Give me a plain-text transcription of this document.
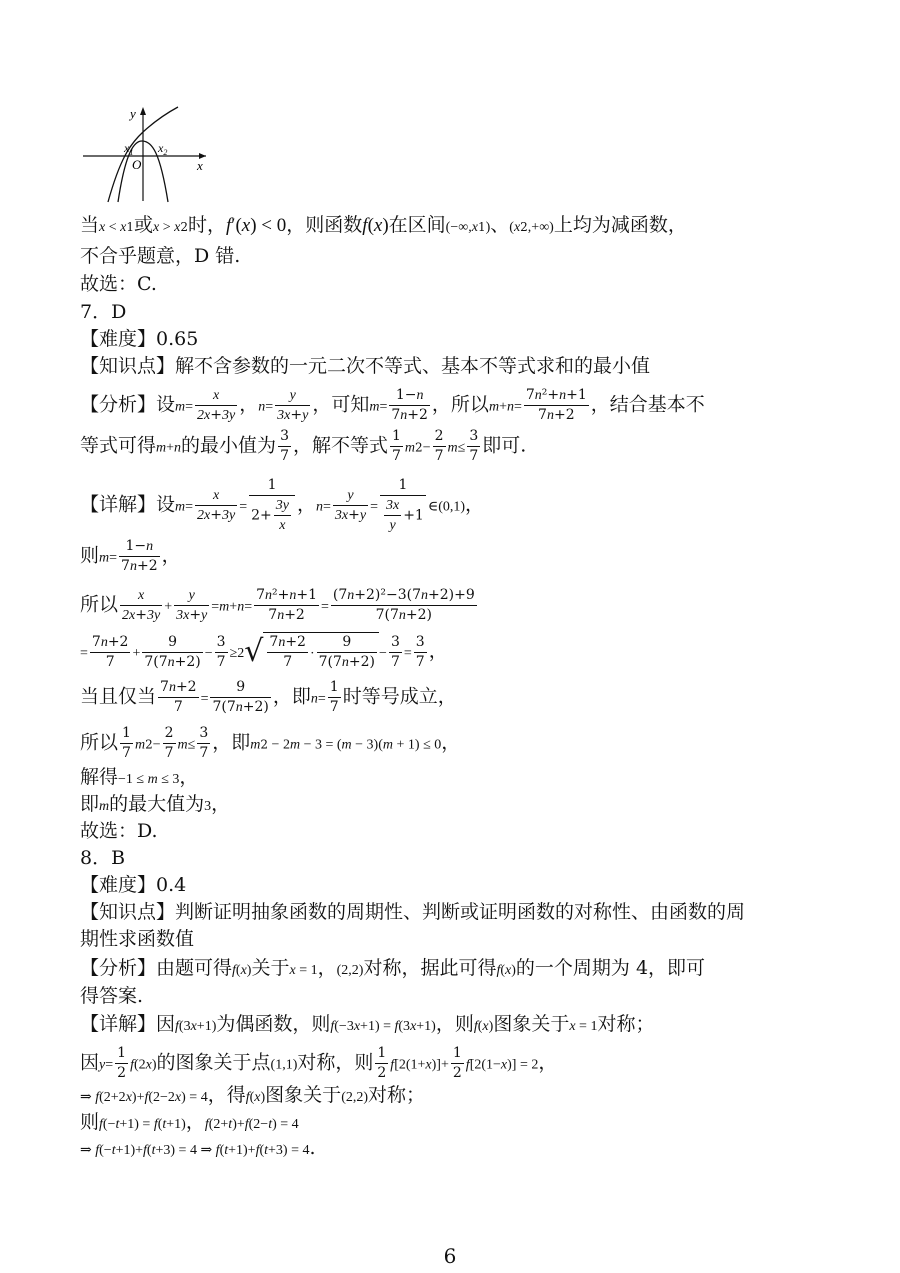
y
x
O
$x_1$ $x_2$
当x < x1或x > x2时，f′(x) < 0，则函数f(x)在区间(−∞,x1)、(x2,+∞)上均为减函数，
不合乎题意，D 错.
故选：C.
7．D
【难度】0.65
【知识点】解不含参数的一元二次不等式、基本不等式求和的最小值
【分析】设$m= \frac{x}{2x+3y}$ ，$n= \frac{y}{3x+y}$ ，可知$m= \frac{1-n}{7n+2}$ ，所以$m+n= \frac{\text{7n²+n+1}}{7n+2}$ ，结合基本不
等式可得m+n的最小值为 $\frac{3}{7}$ ，解不等式 $\frac{1}{7} m2- \frac{2}{7} m\le \frac{3}{7}$ 即可.
【详解】设$m= \frac{x}{2x+3y} = \frac{1}{2+ \frac{3y}{x}}$ ，$n= \frac{y}{3x+y} = \frac{1}{\frac{3x}{y} +1}$ ∈(0,1)，
则$m= \frac{1-n}{7n+2}$ ，
所以 $\frac{x}{2x+3y} + \frac{y}{3x+y} =m+n= \frac{\text{7n²+n+1}}{7n+2} = \frac{\text{(7n+2)²−3(7n+2)+9}}{7(7n+2)}$
= $\frac{7n+2}{7} + \frac{9}{7(7n+2)} - \frac{3}{7} \ge 2√ \frac{7n+2}{7} \cdot \frac{9}{7(7n+2)} - \frac{3}{7} = \frac{3}{7}$ ，
当且仅当 $\frac{7n+2}{7} = \frac{9}{7(7n+2)}$ ，即$n= \frac{1}{7}$ 时等号成立，
所以 $\frac{1}{7} m2- \frac{2}{7} m\le \frac{3}{7}$ ，即m2 − 2m − 3 = (m − 3)(m + 1) ≤ 0，
解得−1 ≤ m ≤ 3，
即m的最大值为3，
故选：D.
8．B
【难度】0.4
【知识点】判断证明抽象函数的周期性、判断或证明函数的对称性、由函数的周
期性求函数值
【分析】由题可得f(x)关于x = 1，(2,2)对称，据此可得f(x)的一个周期为 4，即可
得答案.
【详解】因f(3x+1)为偶函数，则f(−3x+1) = f(3x+1)，则f(x)图象关于x = 1对称；
因$y= \frac{1}{2} f(2x)$的图象关于点(1,1)对称，则 $\frac{1}{2} f[2(1+x)]+ \frac{1}{2} f[2(1-x)] = 2$，
⇒ f(2+2x)+f(2−2x) = 4，得f(x)图象关于(2,2)对称；
则f(−t+1) = f(t+1)，f(2+t)+f(2−t) = 4
⇒ f(−t+1)+f(t+3) = 4 ⇒ f(t+1)+f(t+3) = 4.
6
